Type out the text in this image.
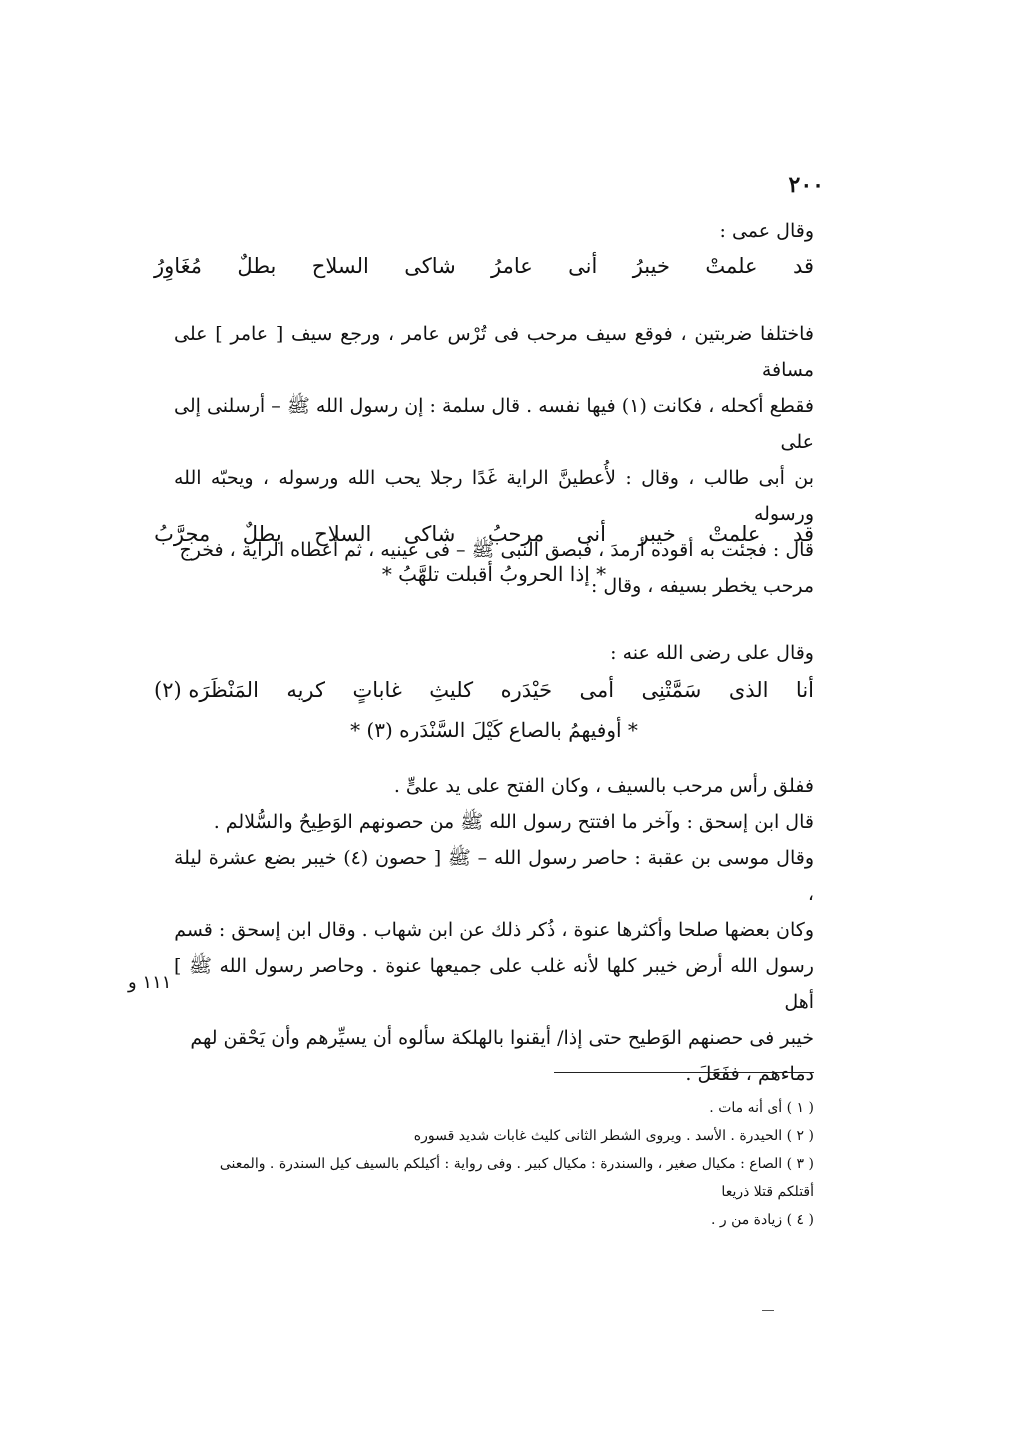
٢٠٠
١١١ و
وقال عمى :
قد
علمتْ
خيبرُ
أنى
عامرُ
شاكى
السلاح
بطلٌ
مُغَاوِرُ
فاختلفا ضربتين ، فوقع سيف مرحب فى تُرْس عامر ، ورجع سيف [ عامر ] على مسافة
فقطع أكحله ، فكانت (١) فيها نفسه . قال سلمة : إن رسول الله ﷺ – أرسلنى إلى على
بن أبى طالب ، وقال : لأُعطينَّ الراية غَدًا رجلا يحب الله ورسوله ، ويحبّه الله ورسوله
قال : فجئت به أقوده أرمدَ ، فبصق النبى ﷺ – فى عينيه ، ثم أعطاه الراية ، فخرج
مرحب يخطر بسيفه ، وقال :
قد
علمتْ
خيبر
أنى
مرحبُ
شاكى
السلاح
بطلٌ
مجرَّبُ
* إذا الحروبُ أقبلت تلهَّبُ *
وقال على رضى الله عنه :
أنا
الذى
سَمَّتْنِى
أمى
حَيْدَره
كليثِ
غاباتٍ
كريه
المَنْظَرَه (٢)
* أوفيهمُ بالصاع كَيْلَ السَّنْدَره (٣) *
ففلق رأس مرحب بالسيف ، وكان الفتح على يد علىٍّ .
قال ابن إسحق : وآخر ما افتتح رسول الله ﷺ من حصونهم الوَطِيحُ والسُّلالم .
وقال موسى بن عقبة : حاصر رسول الله – ﷺ [ حصون (٤) خيبر بضع عشرة ليلة ،
وكان بعضها صلحا وأكثرها عنوة ، ذُكر ذلك عن ابن شهاب . وقال ابن إسحق : قسم
رسول الله أرض خيبر كلها لأنه غلب على جميعها عنوة . وحاصر رسول الله ﷺ ] أهل
خيبر فى حصنهم الوَطيح حتى إذا/ أيقنوا بالهلكة سألوه أن يسيِّرهم وأن يَحْقن لهم
دماءهم ، ففَعَلَ .
( ١ ) أى أنه مات .
( ٢ ) الحيدرة . الأسد . ويروى الشطر الثانى كليث غابات شديد قسوره
( ٣ ) الصاع : مكيال صغير ، والسندرة : مكيال كبير . وفى رواية : أكيلكم بالسيف كيل السندرة . والمعنى
أقتلكم قتلا ذريعا
( ٤ ) زيادة من ر .
